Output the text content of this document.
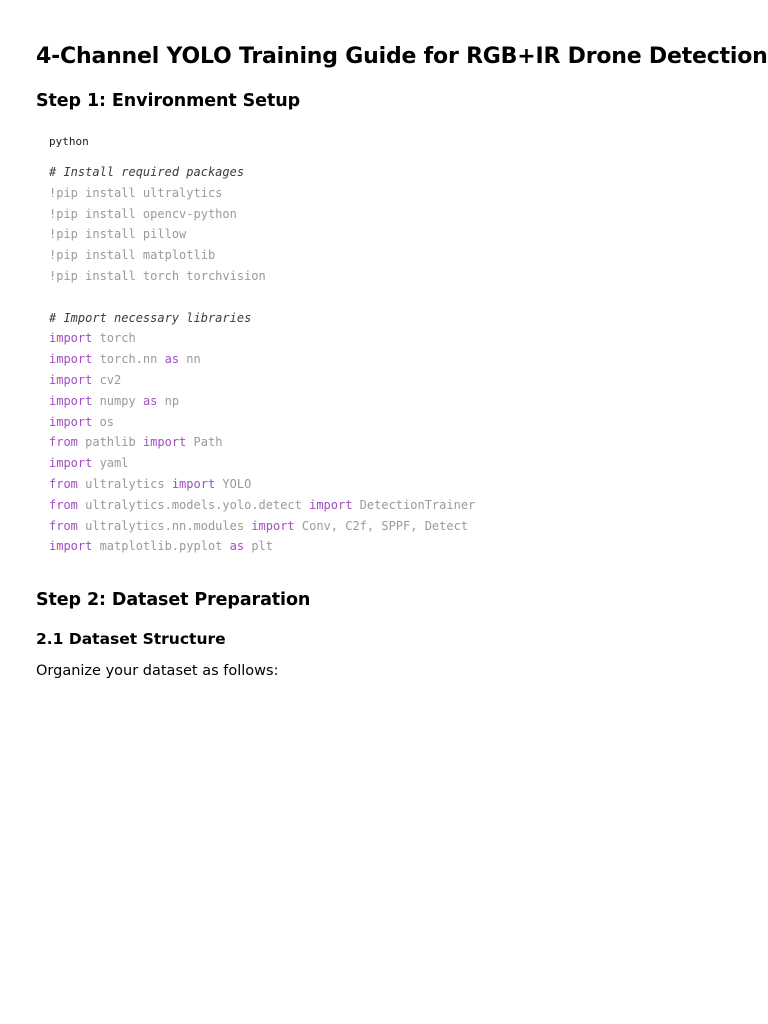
4-Channel YOLO Training Guide for RGB+IR Drone Detection
Step 1: Environment Setup
python
# Install required packages
!pip install ultralytics
!pip install opencv-python
!pip install pillow
!pip install matplotlib
!pip install torch torchvision

# Import necessary libraries
import torch
import torch.nn as nn
import cv2
import numpy as np
import os
from pathlib import Path
import yaml
from ultralytics import YOLO
from ultralytics.models.yolo.detect import DetectionTrainer
from ultralytics.nn.modules import Conv, C2f, SPPF, Detect
import matplotlib.pyplot as plt
Step 2: Dataset Preparation
2.1 Dataset Structure

Organize your dataset as follows:
